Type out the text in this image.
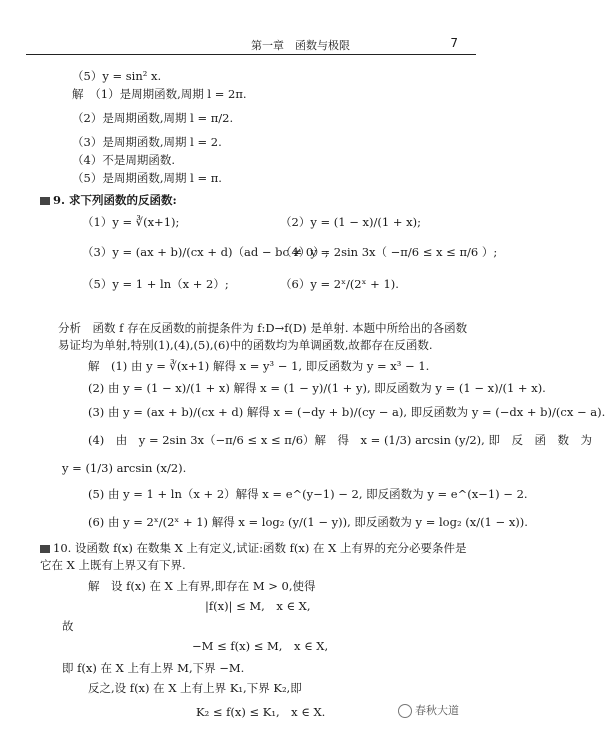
第一章　函数与极限	7
（5）y = sin² x.
解　（1）是周期函数,周期 l = 2π.
（2）是周期函数,周期 l = π/2.
（3）是周期函数,周期 l = 2.
（4）不是周期函数.
（5）是周期函数,周期 l = π.
9. 求下列函数的反函数:
（1）y = ∛(x+1);	（2）y = (1 − x)/(1 + x);
（3）y = (ax + b)/(cx + d)（ad − bc ≠ 0）;
（4）y = 2sin 3x（ −π/6 ≤ x ≤ π/6 ）;
（5）y = 1 + ln（x + 2）;	（6）y = 2ˣ/(2ˣ + 1).
分析　函数 f 存在反函数的前提条件为 f:D→f(D) 是单射. 本题中所给出的各函数易证均为单射,特别(1),(4),(5),(6)中的函数均为单调函数,故都存在反函数.
解　(1) 由 y = ∛(x+1) 解得 x = y³ − 1, 即反函数为 y = x³ − 1.
(2) 由 y = (1 − x)/(1 + x) 解得 x = (1 − y)/(1 + y), 即反函数为 y = (1 − x)/(1 + x).
(3) 由 y = (ax + b)/(cx + d) 解得 x = (−dy + b)/(cy − a), 即反函数为 y = (−dx + b)/(cx − a).
(4)　由　y = 2sin 3x（−π/6 ≤ x ≤ π/6）解　得　x = (1/3) arcsin (y/2), 即　反　函　数　为
y = (1/3) arcsin (x/2).
(5) 由 y = 1 + ln（x + 2）解得 x = e^(y−1) − 2, 即反函数为 y = e^(x−1) − 2.
(6) 由 y = 2ˣ/(2ˣ + 1) 解得 x = log₂ (y/(1 − y)), 即反函数为 y = log₂ (x/(1 − x)).
10. 设函数 f(x) 在数集 X 上有定义,试证:函数 f(x) 在 X 上有界的充分必要条件是它在 X 上既有上界又有下界.
解　设 f(x) 在 X 上有界,即存在 M > 0,使得
|f(x)| ≤ M,　x ∈ X,
故
−M ≤ f(x) ≤ M,　x ∈ X,
即 f(x) 在 X 上有上界 M,下界 −M.
反之,设 f(x) 在 X 上有上界 K₁,下界 K₂,即
K₂ ≤ f(x) ≤ K₁,　x ∈ X.	春秋大道
